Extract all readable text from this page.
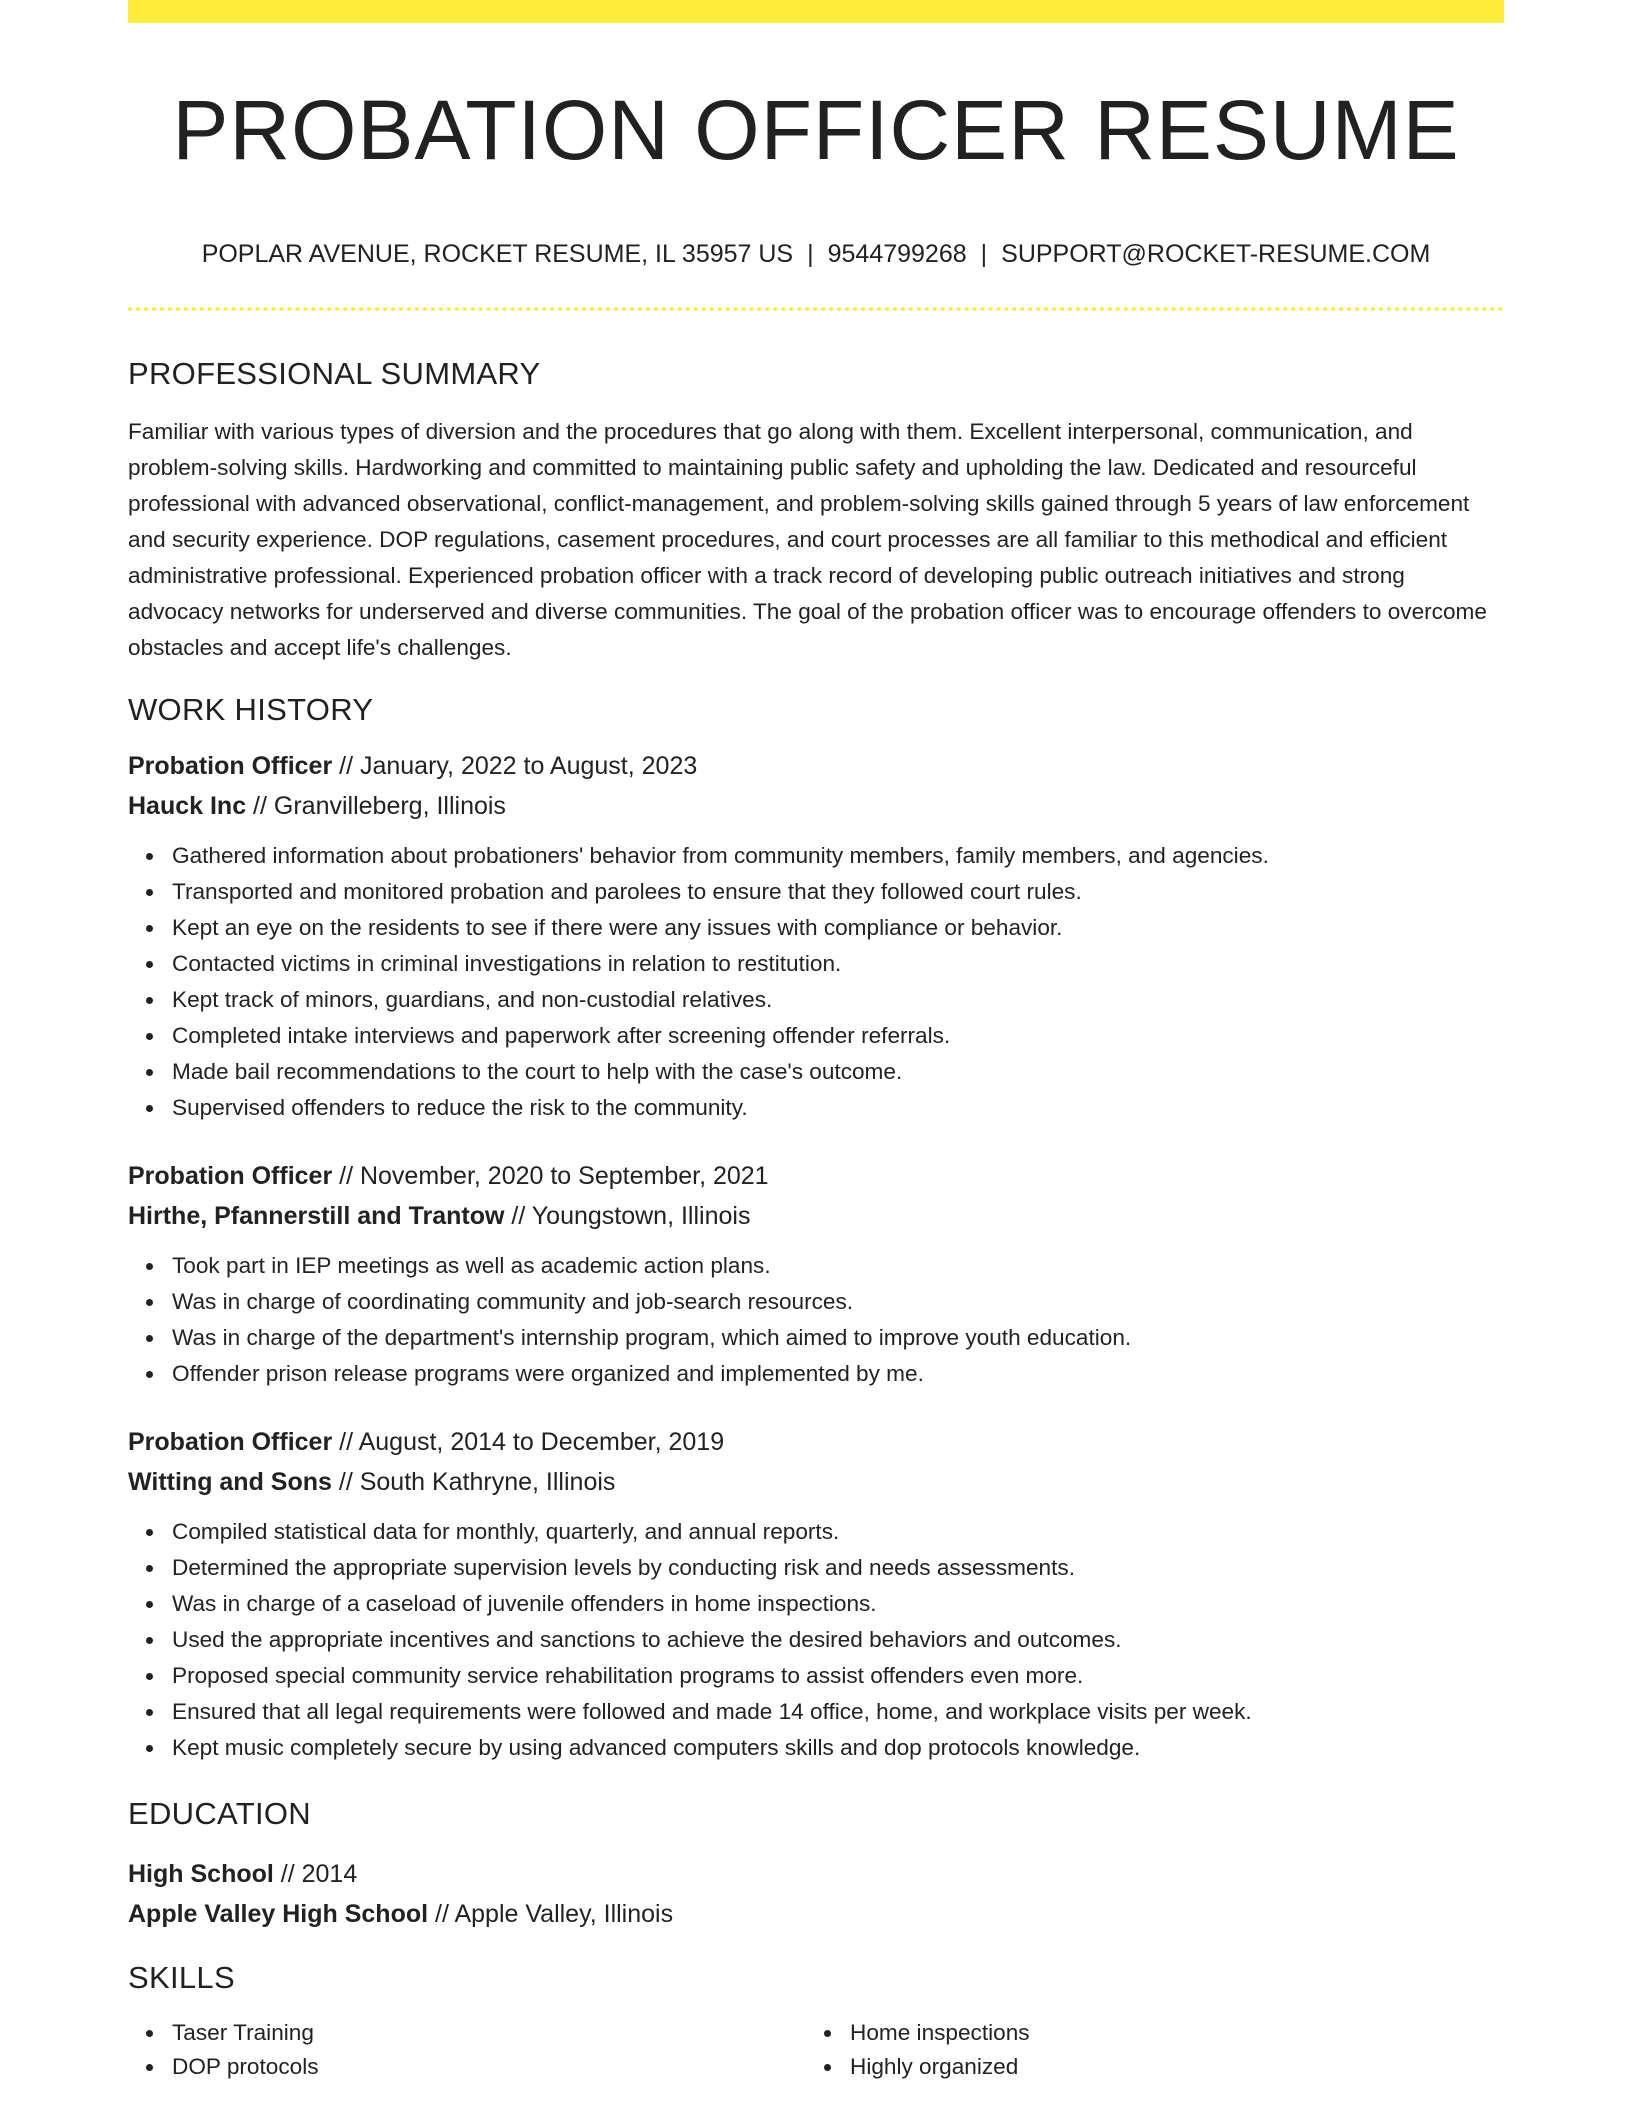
PROBATION OFFICER RESUME
POPLAR AVENUE, ROCKET RESUME, IL 35957 US | 9544799268 | SUPPORT@ROCKET-RESUME.COM
PROFESSIONAL SUMMARY

Familiar with various types of diversion and the procedures that go along with them. Excellent interpersonal, communication, and problem-solving skills. Hardworking and committed to maintaining public safety and upholding the law. Dedicated and resourceful professional with advanced observational, conflict-management, and problem-solving skills gained through 5 years of law enforcement and security experience. DOP regulations, casement procedures, and court processes are all familiar to this methodical and efficient administrative professional. Experienced probation officer with a track record of developing public outreach initiatives and strong advocacy networks for underserved and diverse communities. The goal of the probation officer was to encourage offenders to overcome obstacles and accept life's challenges.

WORK HISTORY
Probation Officer // January, 2022 to August, 2023
Hauck Inc // Granvilleberg, Illinois
Gathered information about probationers' behavior from community members, family members, and agencies.
Transported and monitored probation and parolees to ensure that they followed court rules.
Kept an eye on the residents to see if there were any issues with compliance or behavior.
Contacted victims in criminal investigations in relation to restitution.
Kept track of minors, guardians, and non-custodial relatives.
Completed intake interviews and paperwork after screening offender referrals.
Made bail recommendations to the court to help with the case's outcome.
Supervised offenders to reduce the risk to the community.
Probation Officer // November, 2020 to September, 2021
Hirthe, Pfannerstill and Trantow // Youngstown, Illinois
Took part in IEP meetings as well as academic action plans.
Was in charge of coordinating community and job-search resources.
Was in charge of the department's internship program, which aimed to improve youth education.
Offender prison release programs were organized and implemented by me.
Probation Officer // August, 2014 to December, 2019
Witting and Sons // South Kathryne, Illinois
Compiled statistical data for monthly, quarterly, and annual reports.
Determined the appropriate supervision levels by conducting risk and needs assessments.
Was in charge of a caseload of juvenile offenders in home inspections.
Used the appropriate incentives and sanctions to achieve the desired behaviors and outcomes.
Proposed special community service rehabilitation programs to assist offenders even more.
Ensured that all legal requirements were followed and made 14 office, home, and workplace visits per week.
Kept music completely secure by using advanced computers skills and dop protocols knowledge.
EDUCATION
High School // 2014
Apple Valley High School // Apple Valley, Illinois
SKILLS
Taser Training
DOP protocols
Home inspections
Highly organized
